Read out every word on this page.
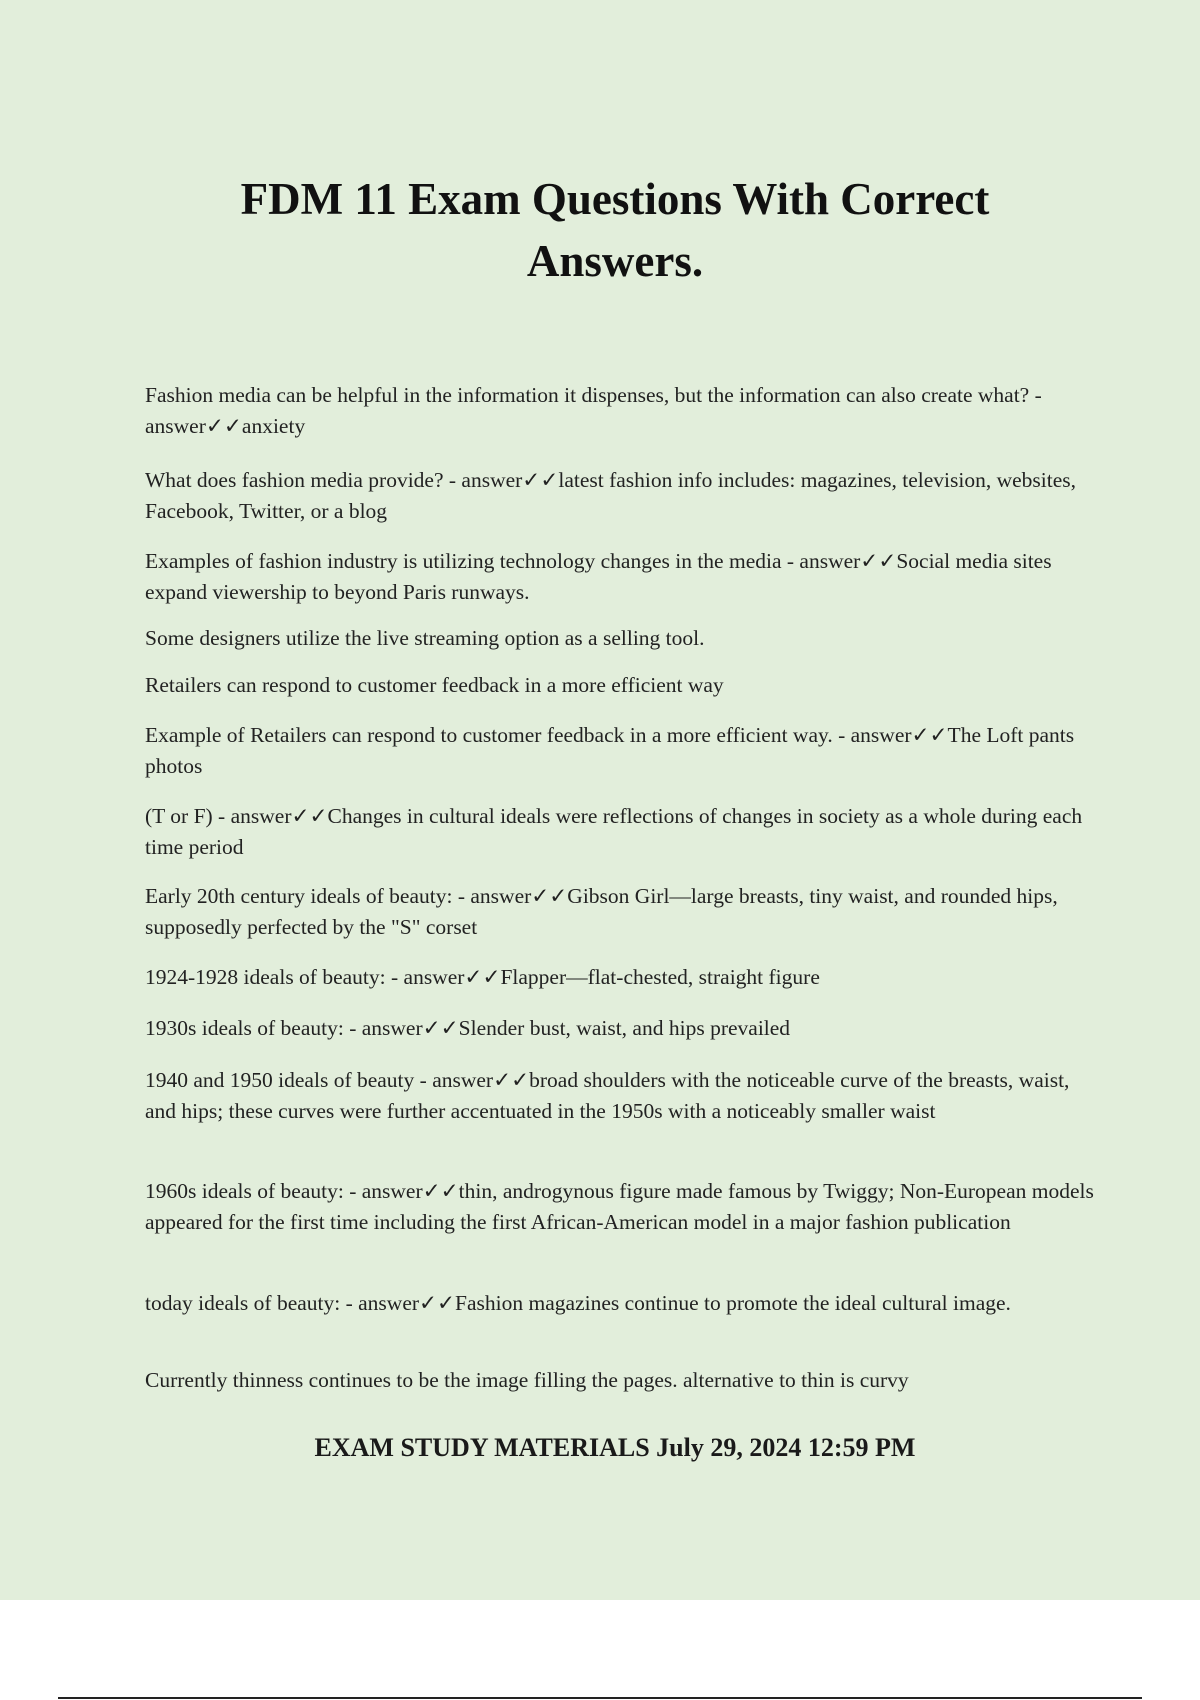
FDM 11 Exam Questions With Correct Answers.

Fashion media can be helpful in the information it dispenses, but the information can also create what? - answer✓✓anxiety

What does fashion media provide? - answer✓✓latest fashion info includes: magazines, television, websites, Facebook, Twitter, or a blog

Examples of fashion industry is utilizing technology changes in the media - answer✓✓Social media sites expand viewership to beyond Paris runways.

Some designers utilize the live streaming option as a selling tool.

Retailers can respond to customer feedback in a more efficient way

Example of Retailers can respond to customer feedback in a more efficient way. - answer✓✓The Loft pants photos

(T or F) - answer✓✓Changes in cultural ideals were reflections of changes in society as a whole during each time period

Early 20th century ideals of beauty: - answer✓✓Gibson Girl—large breasts, tiny waist, and rounded hips, supposedly perfected by the "S" corset

1924-1928 ideals of beauty: - answer✓✓Flapper—flat-chested, straight figure

1930s ideals of beauty: - answer✓✓Slender bust, waist, and hips prevailed

1940 and 1950 ideals of beauty - answer✓✓broad shoulders with the noticeable curve of the breasts, waist, and hips; these curves were further accentuated in the 1950s with a noticeably smaller waist

1960s ideals of beauty: - answer✓✓thin, androgynous figure made famous by Twiggy; Non-European models appeared for the first time including the first African-American model in a major fashion publication

today ideals of beauty: - answer✓✓Fashion magazines continue to promote the ideal cultural image.

Currently thinness continues to be the image filling the pages. alternative to thin is curvy

EXAM STUDY MATERIALS July 29, 2024 12:59 PM
